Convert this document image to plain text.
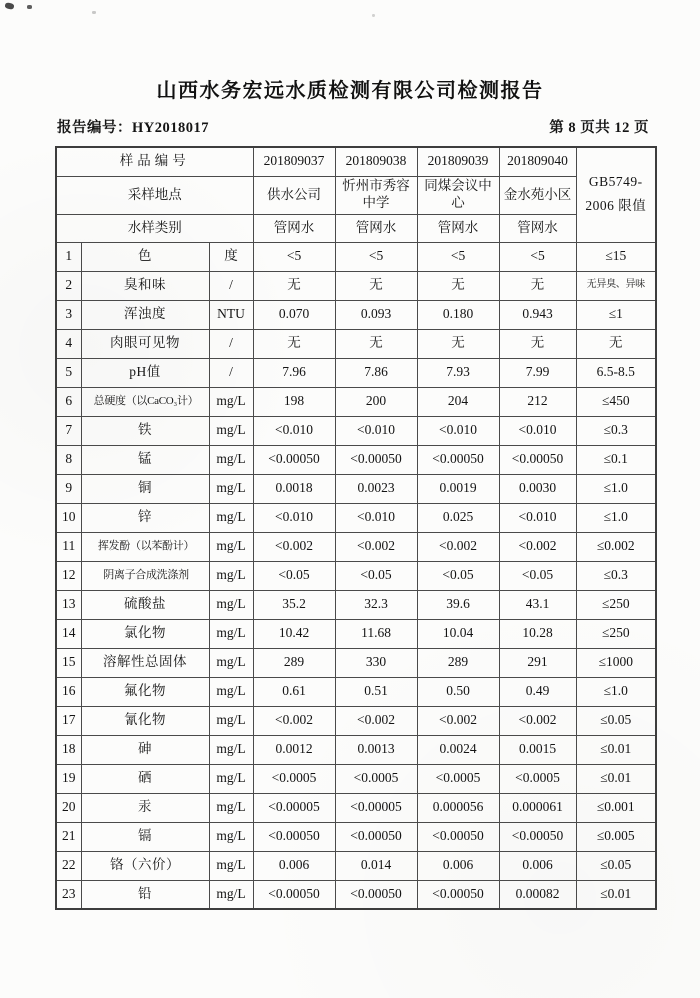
山西水务宏远水质检测有限公司检测报告
报告编号：HY2018017	第 8 页共 12 页
样品编号			201809037	201809038	201809039	201809040	GB5749-
2006 限值

采样地点			供水公司	忻州市秀容中学	同煤会议中心	金水苑小区	
水样类别			管网水	管网水	管网水	管网水	
1	色	度	<5	<5	<5	<5	≤15
2	臭和味	/	无	无	无	无	无异臭、异味
3	浑浊度	NTU	0.070	0.093	0.180	0.943	≤1
4	肉眼可见物	/	无	无	无	无	无
5	pH值	/	7.96	7.86	7.93	7.99	6.5-8.5
6	总硬度（以CaCO₃计）	mg/L	198	200	204	212	≤450
7	铁	mg/L	<0.010	<0.010	<0.010	<0.010	≤0.3
8	锰	mg/L	<0.00050	<0.00050	<0.00050	<0.00050	≤0.1
9	铜	mg/L	0.0018	0.0023	0.0019	0.0030	≤1.0
10	锌	mg/L	<0.010	<0.010	0.025	<0.010	≤1.0
11	挥发酚（以苯酚计）	mg/L	<0.002	<0.002	<0.002	<0.002	≤0.002
12	阴离子合成洗涤剂	mg/L	<0.05	<0.05	<0.05	<0.05	≤0.3
13	硫酸盐	mg/L	35.2	32.3	39.6	43.1	≤250
14	氯化物	mg/L	10.42	11.68	10.04	10.28	≤250
15	溶解性总固体	mg/L	289	330	289	291	≤1000
16	氟化物	mg/L	0.61	0.51	0.50	0.49	≤1.0
17	氰化物	mg/L	<0.002	<0.002	<0.002	<0.002	≤0.05
18	砷	mg/L	0.0012	0.0013	0.0024	0.0015	≤0.01
19	硒	mg/L	<0.0005	<0.0005	<0.0005	<0.0005	≤0.01
20	汞	mg/L	<0.00005	<0.00005	0.000056	0.000061	≤0.001
21	镉	mg/L	<0.00050	<0.00050	<0.00050	<0.00050	≤0.005
22	铬（六价）	mg/L	0.006	0.014	0.006	0.006	≤0.05
23	铅	mg/L	<0.00050	<0.00050	<0.00050	0.00082	≤0.01
